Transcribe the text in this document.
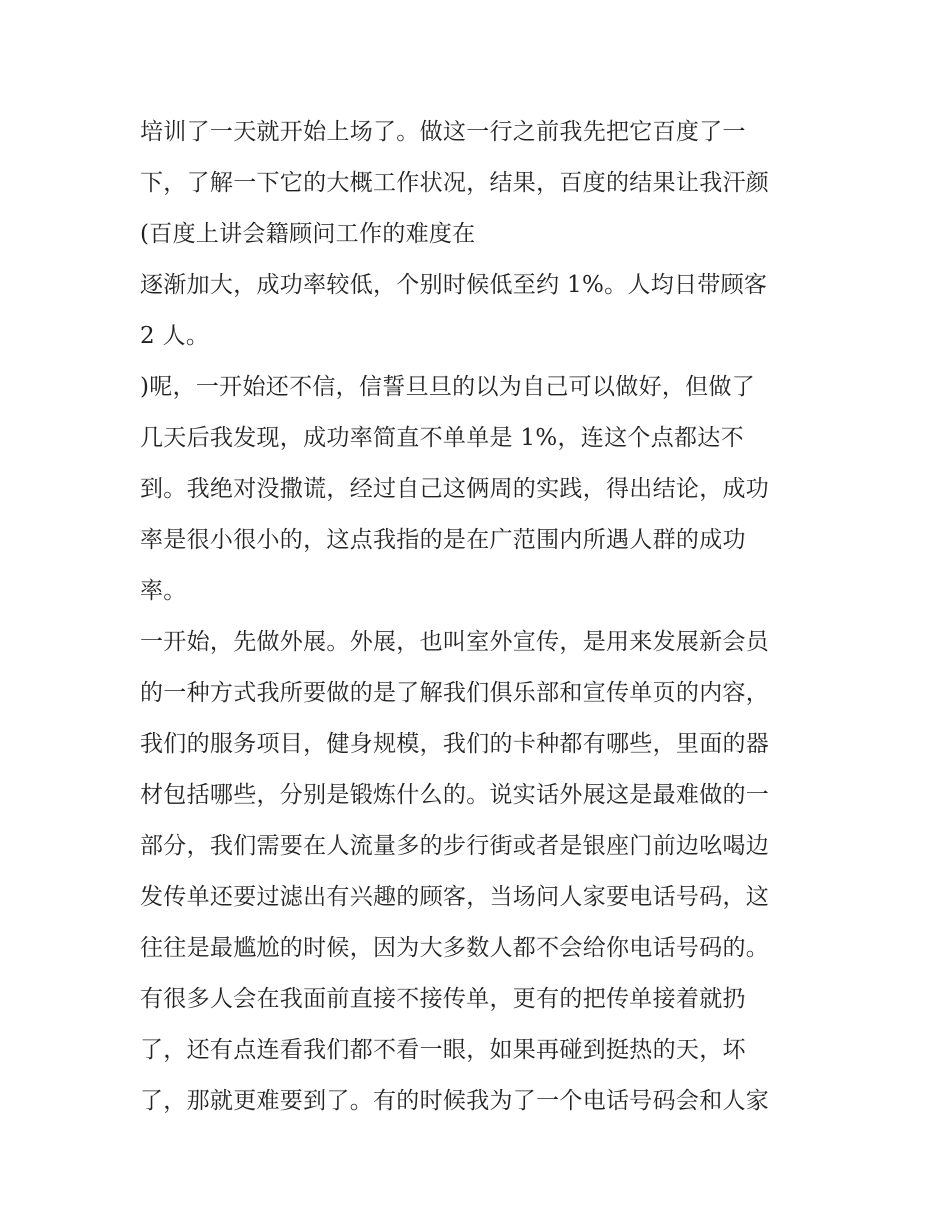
培训了一天就开始上场了。做这一行之前我先把它百度了一
下，了解一下它的大概工作状况，结果，百度的结果让我汗颜
(百度上讲会籍顾问工作的难度在
逐渐加大，成功率较低，个别时候低至约 1%。人均日带顾客
2 人。
)呢，一开始还不信，信誓旦旦的以为自己可以做好，但做了
几天后我发现，成功率简直不单单是 1%，连这个点都达不
到。我绝对没撒谎，经过自己这俩周的实践，得出结论，成功
率是很小很小的，这点我指的是在广范围内所遇人群的成功
率。
一开始，先做外展。外展，也叫室外宣传，是用来发展新会员
的一种方式我所要做的是了解我们俱乐部和宣传单页的内容，
我们的服务项目，健身规模，我们的卡种都有哪些，里面的器
材包括哪些，分别是锻炼什么的。说实话外展这是最难做的一
部分，我们需要在人流量多的步行街或者是银座门前边吆喝边
发传单还要过滤出有兴趣的顾客，当场问人家要电话号码，这
往往是最尴尬的时候，因为大多数人都不会给你电话号码的。
有很多人会在我面前直接不接传单，更有的把传单接着就扔
了，还有点连看我们都不看一眼，如果再碰到挺热的天，坏
了，那就更难要到了。有的时候我为了一个电话号码会和人家
